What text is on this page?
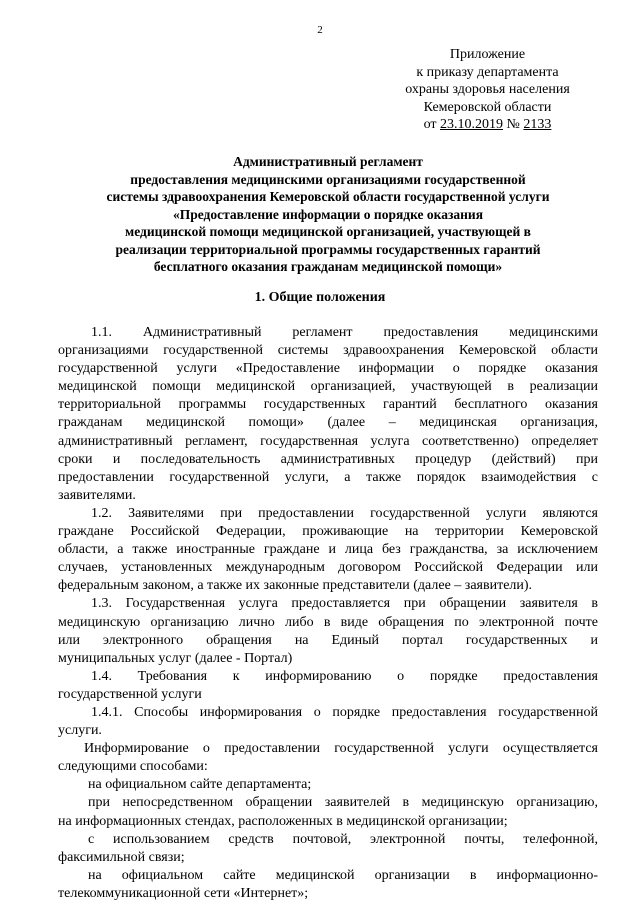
2
Приложение
к приказу департамента
охраны здоровья населения
Кемеровской области
от 23.10.2019 № 2133
Административный регламент
предоставления медицинскими организациями государственной
системы здравоохранения Кемеровской области государственной услуги
«Предоставление информации о порядке оказания
медицинской помощи медицинской организацией, участвующей в
реализации территориальной программы государственных гарантий
бесплатного оказания гражданам медицинской помощи»
1. Общие положения
1.1. Административный регламент предоставления медицинскими
организациями государственной системы здравоохранения Кемеровской области
государственной услуги «Предоставление информации о порядке оказания
медицинской помощи медицинской организацией, участвующей в реализации
территориальной программы государственных гарантий бесплатного оказания
гражданам медицинской помощи» (далее – медицинская организация,
административный регламент, государственная услуга соответственно) определяет
сроки и последовательность административных процедур (действий) при
предоставлении государственной услуги, а также порядок взаимодействия с
заявителями.
1.2. Заявителями при предоставлении государственной услуги являются
граждане Российской Федерации, проживающие на территории Кемеровской
области, а также иностранные граждане и лица без гражданства, за исключением
случаев, установленных международным договором Российской Федерации или
федеральным законом, а также их законные представители (далее – заявители).
1.3. Государственная услуга предоставляется при обращении заявителя в
медицинскую организацию лично либо в виде обращения по электронной почте
или электронного обращения на Единый портал государственных и
муниципальных услуг (далее - Портал)
1.4. Требования к информированию о порядке предоставления
государственной услуги
1.4.1. Способы информирования о порядке предоставления государственной
услуги.
Информирование о предоставлении государственной услуги осуществляется
следующими способами:
на официальном сайте департамента;
при непосредственном обращении заявителей в медицинскую организацию,
на информационных стендах, расположенных в медицинской организации;
с использованием средств почтовой, электронной почты, телефонной,
факсимильной связи;
на официальном сайте медицинской организации в информационно-
телекоммуникационной сети «Интернет»;
